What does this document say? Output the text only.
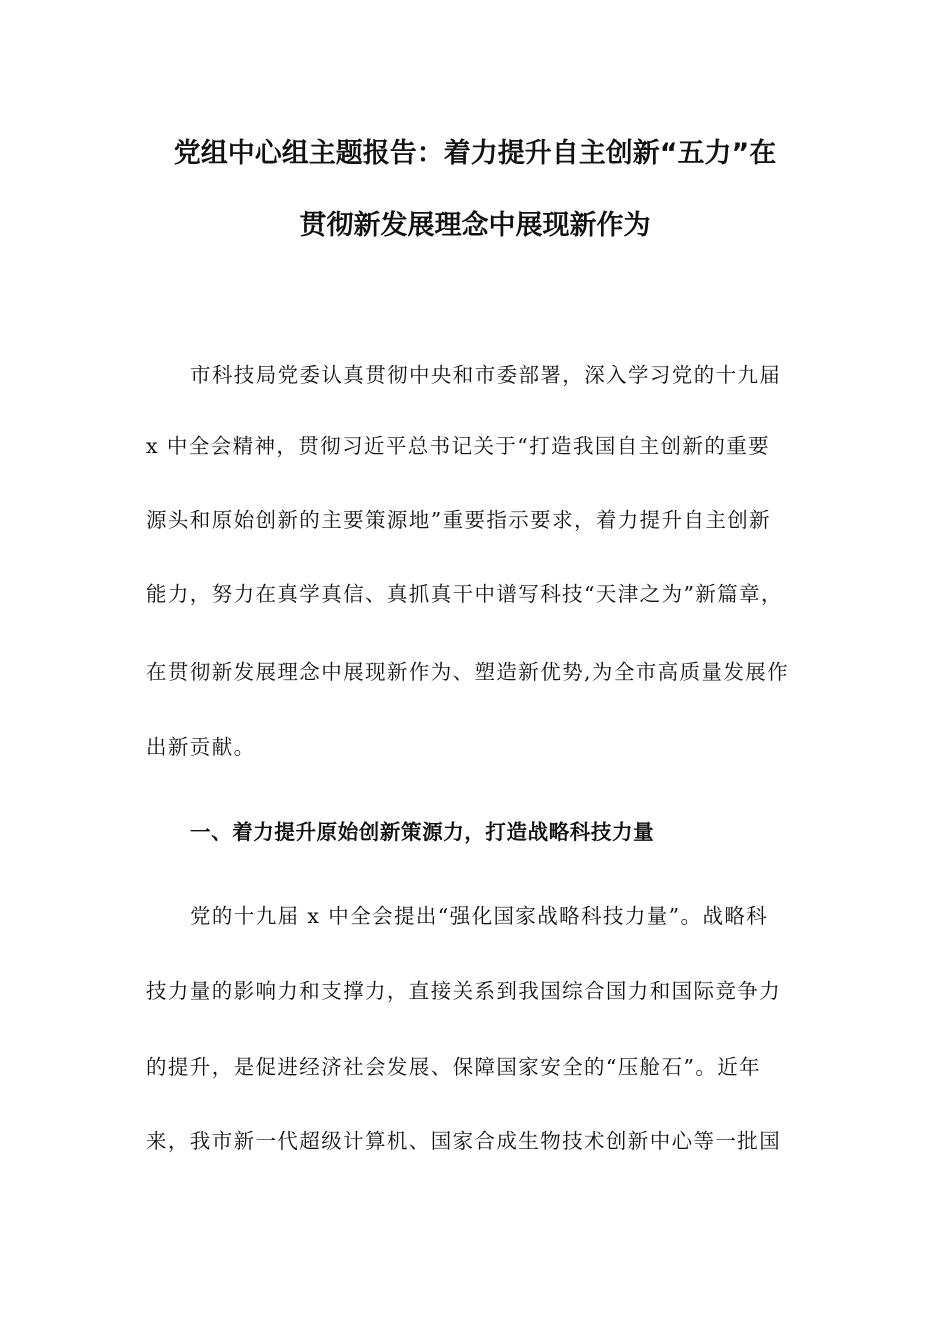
党组中心组主题报告：着力提升自主创新“五力”在
贯彻新发展理念中展现新作为
市科技局党委认真贯彻中央和市委部署，深入学习党的十九届
x 中全会精神，贯彻习近平总书记关于“打造我国自主创新的重要
源头和原始创新的主要策源地”重要指示要求，着力提升自主创新
能力，努力在真学真信、真抓真干中谱写科技“天津之为”新篇章，
在贯彻新发展理念中展现新作为、塑造新优势,为全市高质量发展作
出新贡献。
一、着力提升原始创新策源力，打造战略科技力量
党的十九届 x 中全会提出“强化国家战略科技力量”。战略科
技力量的影响力和支撑力，直接关系到我国综合国力和国际竞争力
的提升，是促进经济社会发展、保障国家安全的“压舱石”。近年
来，我市新一代超级计算机、国家合成生物技术创新中心等一批国
